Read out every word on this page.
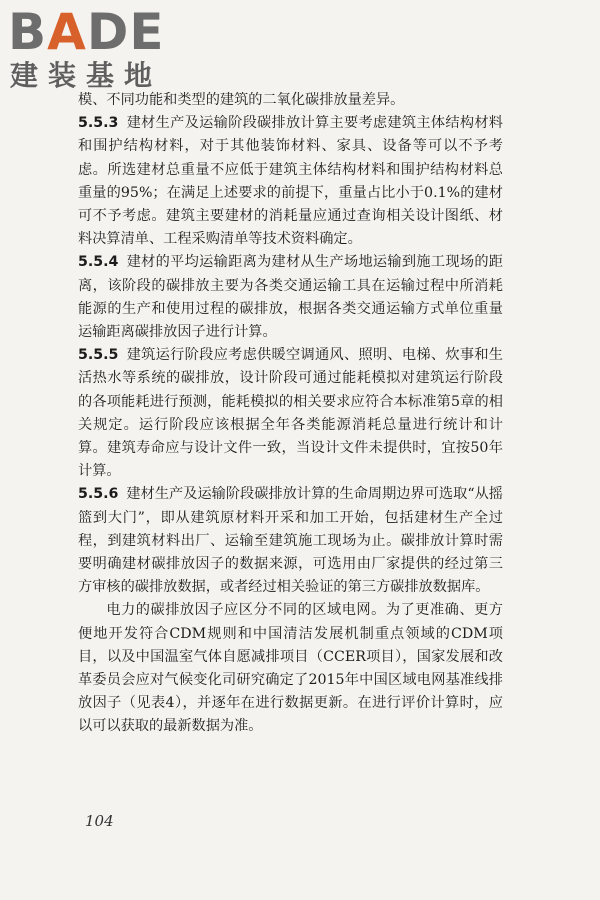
BADE
建装基地

模、不同功能和类型的建筑的二氧化碳排放量差异。

5.5.3 建材生产及运输阶段碳排放计算主要考虑建筑主体结构材料和围护结构材料，对于其他装饰材料、家具、设备等可以不予考虑。所选建材总重量不应低于建筑主体结构材料和围护结构材料总重量的95%；在满足上述要求的前提下，重量占比小于0.1%的建材可不予考虑。建筑主要建材的消耗量应通过查询相关设计图纸、材料决算清单、工程采购清单等技术资料确定。

5.5.4 建材的平均运输距离为建材从生产场地运输到施工现场的距离，该阶段的碳排放主要为各类交通运输工具在运输过程中所消耗能源的生产和使用过程的碳排放，根据各类交通运输方式单位重量运输距离碳排放因子进行计算。

5.5.5 建筑运行阶段应考虑供暖空调通风、照明、电梯、炊事和生活热水等系统的碳排放，设计阶段可通过能耗模拟对建筑运行阶段的各项能耗进行预测，能耗模拟的相关要求应符合本标准第5章的相关规定。运行阶段应该根据全年各类能源消耗总量进行统计和计算。建筑寿命应与设计文件一致，当设计文件未提供时，宜按50年计算。

5.5.6 建材生产及运输阶段碳排放计算的生命周期边界可选取“从摇篮到大门”，即从建筑原材料开采和加工开始，包括建材生产全过程，到建筑材料出厂、运输至建筑施工现场为止。碳排放计算时需要明确建材碳排放因子的数据来源，可选用由厂家提供的经过第三方审核的碳排放数据，或者经过相关验证的第三方碳排放数据库。

电力的碳排放因子应区分不同的区域电网。为了更准确、更方便地开发符合CDM规则和中国清洁发展机制重点领域的CDM项目，以及中国温室气体自愿减排项目（CCER项目），国家发展和改革委员会应对气候变化司研究确定了2015年中国区域电网基准线排放因子（见表4），并逐年在进行数据更新。在进行评价计算时，应以可以获取的最新数据为准。

104
